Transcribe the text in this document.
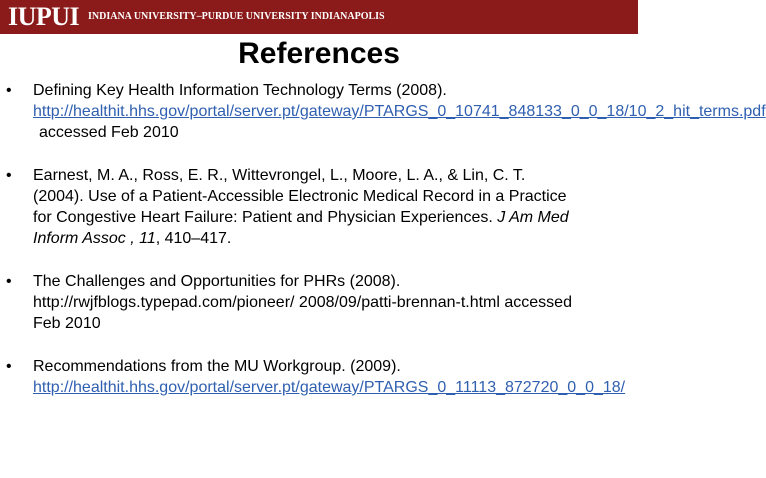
IUPUI INDIANA UNIVERSITY–PURDUE UNIVERSITY INDIANAPOLIS
References
• Defining Key Health Information Technology Terms (2008).
http://healthit.hhs.gov/portal/server.pt/gateway/PTARGS_0_10741_848133_0_0_18/10_2_hit_terms.pdf
accessed Feb 2010
• Earnest, M. A., Ross, E. R., Wittevrongel, L., Moore, L. A., & Lin, C. T.
(2004). Use of a Patient-Accessible Electronic Medical Record in a Practice
for Congestive Heart Failure: Patient and Physician Experiences. J Am Med
Inform Assoc , 11, 410–417.
• The Challenges and Opportunities for PHRs (2008).
http://rwjfblogs.typepad.com/pioneer/ 2008/09/patti-brennan-t.html accessed
Feb 2010
• Recommendations from the MU Workgroup. (2009).
http://healthit.hhs.gov/portal/server.pt/gateway/PTARGS_0_11113_872720_0_0_18/
